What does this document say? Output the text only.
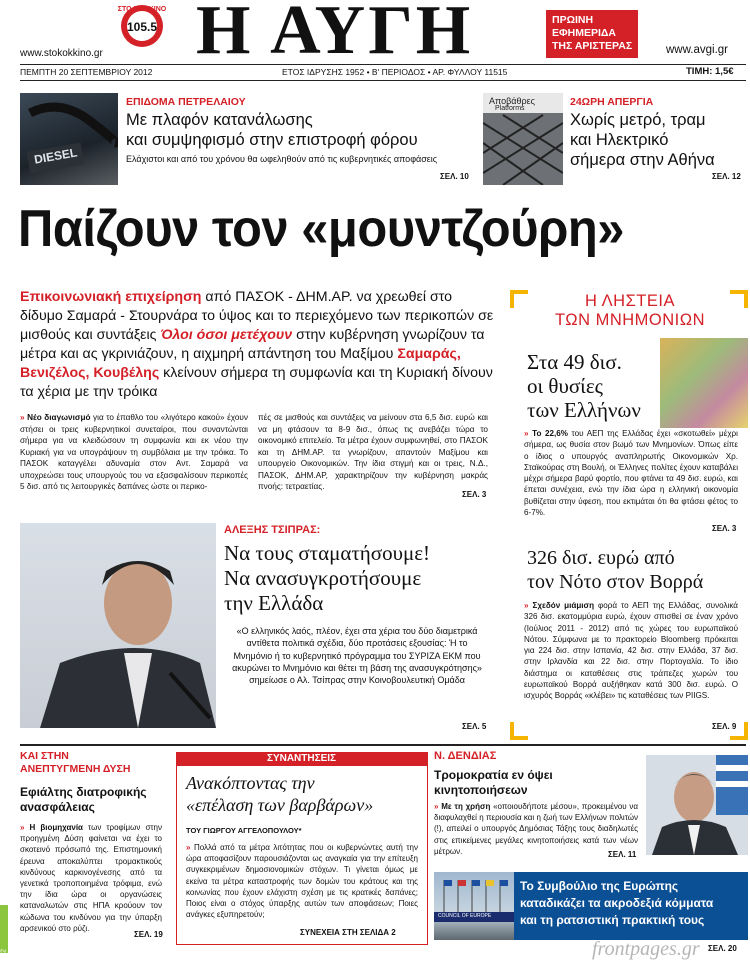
ΣΤΟ ΚΟΚΚΙΝΟ
105.5
www.stokokkino.gr Η ΑΥΓΗ	ΠΡΩΙΝΗ
ΕΦΗΜΕΡΙΔΑ
ΤΗΣ ΑΡΙΣΤΕΡΑΣ	www.avgi.gr
ΠΕΜΠΤΗ 20 ΣΕΠΤΕΜΒΡΙΟΥ 2012	ΕΤΟΣ ΙΔΡΥΣΗΣ 1952 • Β' ΠΕΡΙΟΔΟΣ • ΑΡ. ΦΥΛΛΟΥ 11515	ΤΙΜΗ: 1,5€
DIESEL
ΕΠΙΔΟΜΑ ΠΕΤΡΕΛΑΙΟΥ
Με πλαφόν κατανάλωσης
και συμψηφισμό στην επιστροφή φόρου
Ελάχιστοι και από του χρόνου θα ωφεληθούν από τις κυβερνητικές αποφάσεις
ΣΕΛ. 10
Αποβάθρες
Platforms
24ΩΡΗ ΑΠΕΡΓΙΑ
Χωρίς μετρό, τραμ
και Ηλεκτρικό
σήμερα στην Αθήνα
ΣΕΛ. 12
Παίζουν τον «μουντζούρη»
Επικοινωνιακή επιχείρηση από ΠΑΣΟΚ - ΔΗΜ.ΑΡ. να χρεωθεί στο δίδυμο Σαμαρά - Στουρνάρα το ύψος και το περιεχόμενο των περικοπών σε μισθούς και συντάξεις Όλοι όσοι μετέχουν στην κυβέρνηση γνωρίζουν τα μέτρα και ας γκρινιάζουν, η αιχμηρή απάντηση του Μαξίμου Σαμαράς, Βενιζέλος, Κουβέλης κλείνουν σήμερα τη συμφωνία και τη Κυριακή δίνουν τα χέρια με την τρόικα
» Νέο διαγωνισμό για το έπαθλο του «λιγότερο κακού» έχουν στήσει οι τρεις κυβερνητικοί συνεταίροι, που συναντώνται σήμερα για να κλειδώσουν τη συμφωνία και εκ νέου την Κυριακή για να υπογράψουν τη συμβόλαια με την τρόικα. Το ΠΑΣΟΚ καταγγέλει αδυναμία στον Αντ. Σαμαρά να υποχρεώσει τους υπουργούς του να εξασφαλίσουν περικοπές 5 δισ. από τις λειτουργικές δαπάνες ώστε οι περικο-
πές σε μισθούς και συντάξεις να μείνουν στα 6,5 δισ. ευρώ και να μη φτάσουν τα 8-9 δισ., όπως τις ανεβάζει τώρα το οικονομικό επιτελείο. Τα μέτρα έχουν συμφωνηθεί, στο ΠΑΣΟΚ και τη ΔΗΜ.ΑΡ. τα γνωρίζουν, απαντούν Μαξίμου και υπουργείο Οικονομικών. Την ίδια στιγμή και οι τρεις, Ν.Δ., ΠΑΣΟΚ, ΔΗΜ.ΑΡ, χαρακτηρίζουν την κυβέρνηση μακράς πνοής: τετραετίας.
ΣΕΛ. 3
ΑΛΕΞΗΣ ΤΣΙΠΡΑΣ:
Να τους σταματήσουμε!
Να ανασυγκροτήσουμε
την Ελλάδα
«Ο ελληνικός λαός, πλέον, έχει στα χέρια του δύο διαμετρικά αντίθετα πολιτικά σχέδια, δύο προτάσεις εξουσίας: Ή το Μνημόνιο ή το κυβερνητικό πρόγραμμα του ΣΥΡΙΖΑ ΕΚΜ που ακυρώνει το Μνημόνιο και θέτει τη βάση της ανασυγκρότησης» σημείωσε ο Αλ. Τσίπρας στην Κοινοβουλευτική Ομάδα
ΣΕΛ. 5
Η ΛΗΣΤΕΙΑ
ΤΩΝ ΜΝΗΜΟΝΙΩΝ
Στα 49 δισ.
οι θυσίες
των Ελλήνων
» Το 22,6% του ΑΕΠ της Ελλάδας έχει «σκοτωθεί» μέχρι σήμερα, ως θυσία στον βωμό των Μνημονίων. Όπως είπε ο ίδιος ο υπουργός αναπληρωτής Οικονομικών Χρ. Σταϊκούρας στη Βουλή, οι Έλληνες πολίτες έχουν καταβάλει μέχρι σήμερα βαρύ φορτίο, που φτάνει τα 49 δισ. ευρώ, και έπεται συνέχεια, ενώ την ίδια ώρα η ελληνική οικονομία βυθίζεται στην ύφεση, που εκτιμάται ότι θα φτάσει φέτος το 6-7%.
ΣΕΛ. 3
326 δισ. ευρώ από
τον Νότο στον Βορρά
» Σχεδόν μιάμιση φορά το ΑΕΠ της Ελλάδας, συνολικά 326 δισ. εκατομμύρια ευρώ, έχουν σπισθεί σε έναν χρόνο (Ιούλιος 2011 - 2012) από τις χώρες του ευρωπαϊκού Νότου. Σύμφωνα με το πρακτορείο Bloomberg πρόκειται για 224 δισ. στην Ισπανία, 42 δισ. στην Ελλάδα, 37 δισ. στην Ιρλανδία και 22 δισ. στην Πορτογαλία. Το ίδιο διάστημα οι καταθέσεις στις τράπεζες χωρών του ευρωπαϊκού Βορρά αυξήθηκαν κατά 300 δισ. ευρώ. Ο ισχυρός Βορράς «κλέβει» τις καταθέσεις των PIIGS.
ΣΕΛ. 9
ΚΑΙ ΣΤΗΝ
ΑΝΕΠΤΥΓΜΕΝΗ ΔΥΣΗ
Εφιάλτης διατροφικής
ανασφάλειας
» Η βιομηχανία των τροφίμων στην προηγμένη Δύση φαίνεται να έχει το σκοτεινό πρόσωπό της. Επιστημονική έρευνα αποκαλύπτει τρομακτικούς κινδύνους καρκινογένεσης από τα γενετικά τροποποιημένα τρόφιμα, ενώ την ίδια ώρα οι οργανώσεις καταναλωτών στις ΗΠΑ κρούουν τον κώδωνα του κινδύνου για την ύπαρξη αρσενικού στο ρύζι.
ΣΕΛ. 19
2012
ΣΥΝΑΝΤΗΣΕΙΣ
Ανακόπτοντας την
«επέλαση των βαρβάρων»
ΤΟΥ ΓΙΩΡΓΟΥ ΑΓΓΕΛΟΠΟΥΛΟΥ*
» Πολλά από τα μέτρα λιτότητας που οι κυβερνώντες αυτή την ώρα αποφασίζουν παρουσιάζονται ως αναγκαία για την επίτευξη συγκεκριμένων δημοσιονομικών στόχων. Τι γίνεται όμως με εκείνα τα μέτρα καταστροφής των δομών του κράτους και της κοινωνίας που έχουν ελάχιστη σχέση με τις κρατικές δαπάνες; Ποιος είναι ο στόχος ύπαρξης αυτών των αποφάσεων; Ποιες ανάγκες εξυπηρετούν;
ΣΥΝΕΧΕΙΑ ΣΤΗ ΣΕΛΙΔΑ 2
Ν. ΔΕΝΔΙΑΣ
Τρομοκρατία εν όψει
κινητοποιήσεων
» Με τη χρήση «οποιουδήποτε μέσου», προκειμένου να διαφυλαχθεί η περιουσία και η ζωή των Ελλήνων πολιτών (!), απειλεί ο υπουργός Δημόσιας Τάξης τους διαδηλωτές στις επικείμενες μεγάλες κινητοποιήσεις κατά των νέων μέτρων.	ΣΕΛ. 11
COUNCIL OF EUROPE
Το Συμβούλιο της Ευρώπης
καταδικάζει τα ακροδεξιά κόμματα
και τη ρατσιστική πρακτική τους
ΣΕΛ. 20
frontpages.gr
